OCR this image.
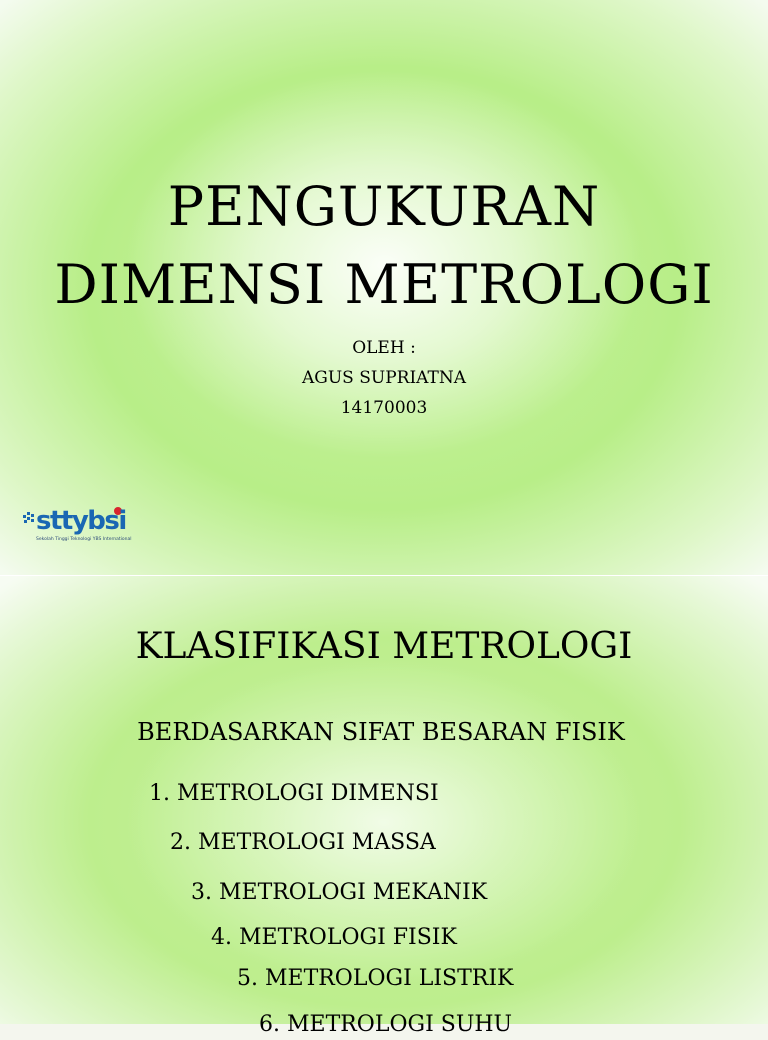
PENGUKURAN
DIMENSI METROLOGI
OLEH :
AGUS SUPRIATNA
14170003
sttybsi
Sekolah Tinggi Teknologi YBS International
KLASIFIKASI METROLOGI
BERDASARKAN SIFAT BESARAN FISIK
1. METROLOGI DIMENSI
2. METROLOGI MASSA
3. METROLOGI MEKANIK
4. METROLOGI FISIK
5. METROLOGI LISTRIK
6. METROLOGI SUHU
